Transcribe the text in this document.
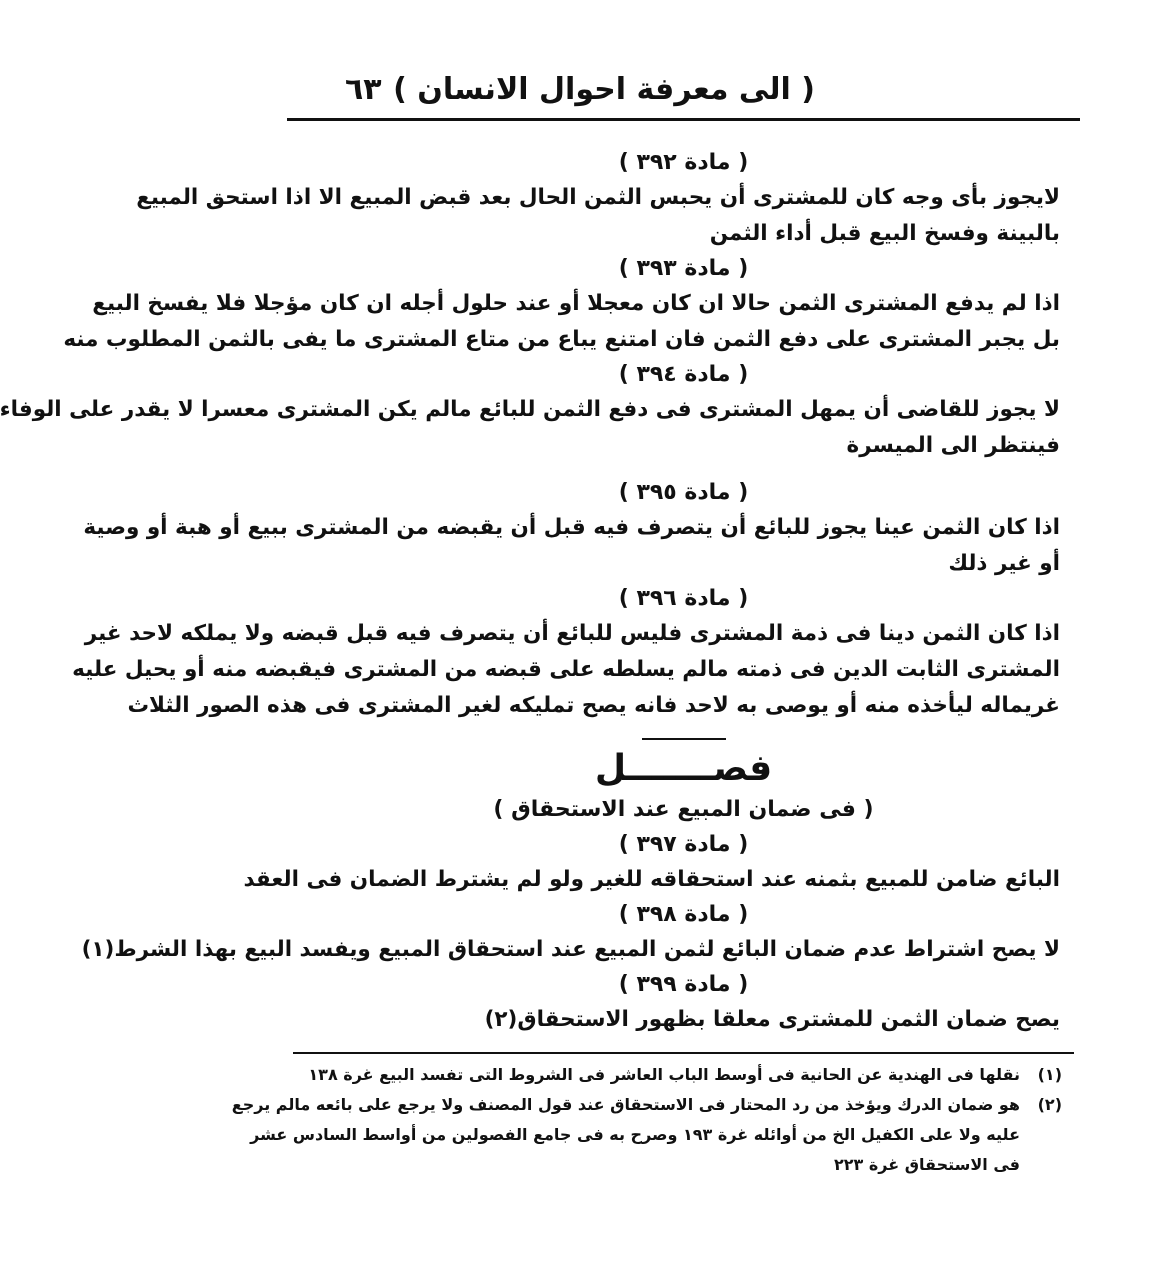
( الى معرفة احوال الانسان )
٦٣
( مادة ٣٩٢ )
لايجوز بأى وجه كان للمشترى أن يحبس الثمن الحال بعد قبض المبيع الا اذا استحق المبيع
بالبينة وفسخ البيع قبل أداء الثمن
( مادة ٣٩٣ )
اذا لم يدفع المشترى الثمن حالا ان كان معجلا أو عند حلول أجله ان كان مؤجلا فلا يفسخ البيع
بل يجبر المشترى على دفع الثمن فان امتنع يباع من متاع المشترى ما يفى بالثمن المطلوب منه
( مادة ٣٩٤ )
لا يجوز للقاضى أن يمهل المشترى فى دفع الثمن للبائع مالم يكن المشترى معسرا لا يقدر على الوفاء
فينتظر الى الميسرة
( مادة ٣٩٥ )
اذا كان الثمن عينا يجوز للبائع أن يتصرف فيه قبل أن يقبضه من المشترى ببيع أو هبة أو وصية
أو غير ذلك
( مادة ٣٩٦ )
اذا كان الثمن دينا فى ذمة المشترى فليس للبائع أن يتصرف فيه قبل قبضه ولا يملكه لاحد غير
المشترى الثابت الدين فى ذمته مالم يسلطه على قبضه من المشترى فيقبضه منه أو يحيل عليه
غريماله ليأخذه منه أو يوصى به لاحد فانه يصح تمليكه لغير المشترى فى هذه الصور الثلاث
فصـــــــل
( فى ضمان المبيع عند الاستحقاق )
( مادة ٣٩٧ )
البائع ضامن للمبيع بثمنه عند استحقاقه للغير ولو لم يشترط الضمان فى العقد
( مادة ٣٩٨ )
لا يصح اشتراط عدم ضمان البائع لثمن المبيع عند استحقاق المبيع ويفسد البيع بهذا الشرط(١)
( مادة ٣٩٩ )
يصح ضمان الثمن للمشترى معلقا بظهور الاستحقاق(٢)
(١)
نقلها فى الهندية عن الحانية فى أوسط الباب العاشر فى الشروط التى تفسد البيع غرة ١٣٨
(٢)
هو ضمان الدرك ويؤخذ من رد المحتار فى الاستحقاق عند قول المصنف ولا يرجع على بائعه مالم يرجع
عليه ولا على الكفيل الخ من أوائله غرة ١٩٣ وصرح به فى جامع الفصولين من أواسط السادس عشر
فى الاستحقاق غرة ٢٢٣
